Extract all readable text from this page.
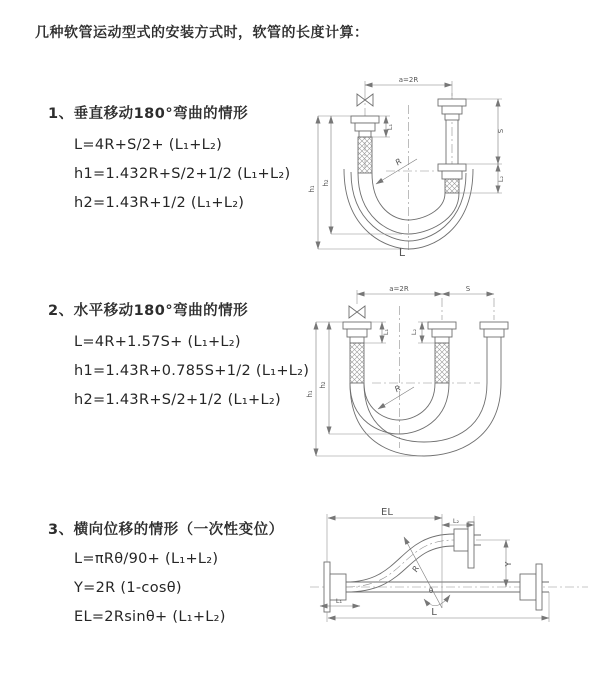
几种软管运动型式的安装方式时，软管的长度计算：
1、垂直移动180°弯曲的情形
L=4R+S/2+ (L₁+L₂)
h1=1.432R+S/2+1/2 (L₁+L₂)
h2=1.43R+1/2 (L₁+L₂)
a=2R
L₁
S
L₂
h₁
h₂
R
L
2、水平移动180°弯曲的情形
L=4R+1.57S+ (L₁+L₂)
h1=1.43R+0.785S+1/2 (L₁+L₂)
h2=1.43R+S/2+1/2 (L₁+L₂)
a=2R	S
L₁	L₂
h₁
h₂	R
3、横向位移的情形（一次性变位）
L=πRθ/90+ (L₁+L₂)
Y=2R (1-cosθ)
EL=2Rsinθ+ (L₁+L₂)
EL
L₂
Y
R
θ
L₁
L
